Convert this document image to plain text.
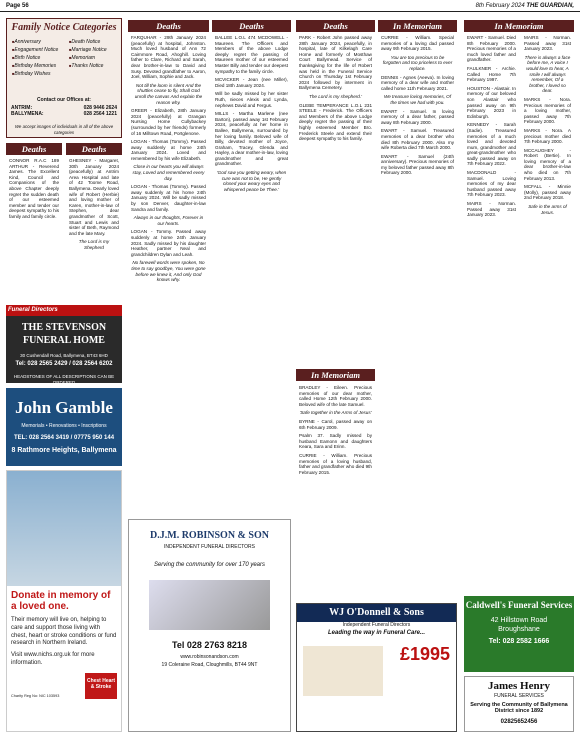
Page 56	8th February 2024 THE GUARDIAN,
Family Notice Categories
■ Anniversary
■ Engagement Notice
■ Birth Notice
■ Birthday Memories
■ Birthday Wishes
■ Death Notice
■ Marriage Notice
■ Memoriam
■ Thanks Notice
Contact our Offices at:
ANTRIM:	028 9446 2624
BALLYMENA:	028 2564 1221
We accept images of individuals in all of the above categories
Deaths	Deaths
Deaths	Deaths	Deaths	In Memoriam	In Memoriam
In Memoriam

CONNOR R.A.C 189 ARTHUR - Reverend James. The Excellent Kind, Council and Companions of the above Chapter deeply regret the sudden death of our esteemed member and tender our deepest sympathy to his family and family circle.

GHESNEY - Margaret, 30th January 2024 (peacefully) at Antrim Area Hospital and late of 42 Toome Road, Ballymena. Dearly loved wife of Robert (Herbie) and loving mother of Karen, mother-in-law of Stephen, dear grandmother of Scott, Stuart and Lewis and sister of Beth, Raymond and the late Mary.

The Lord is my Shepherd

FARQUHAR - 29th January 2024 (peacefully) at hospital, Johnston. Much loved husband of Ann 72 Cairnmore Road, Ahoghill. Loving father to Clare, Richard and Sarah, dear brother-in-law to David and Susy. Devoted grandfather to Aaron, Joel, William, Sophie and Jack.

Not till the loom is silent And the shuttles cease to fly, Shall God unroll the canvas And explain the reason why.

GREER - Elizabeth, 28th January 2024 (peacefully) at Grangan Nursing Home Cullybackey (surrounded by her friends) formerly of 16 Milltown Road, Portglenone.

LOGAN - Thomas (Tommy). Passed away suddenly at home 24th January 2024. Loved and remembered by his wife Elizabeth.

Close in our hearts you will always stay, Loved and remembered every day.

LOGAN - Thomas (Tommy). Passed away suddenly at his home 24th January 2024. Will be sadly missed by son Denver, daughter-in-law Sandra and family.

Always in our thoughts, Forever in our hearts.

LOGAN - Tommy. Passed away suddenly at home 24th January 2024. Sadly missed by his daughter Heather, partner Neal and grandchildren Dylan and Leah.

No farewell words were spoken, No time to say goodbye, You were gone before we knew it, And only God knows why.

BALLEE L.O.L 474 MCDOWELL - Maureen. The Officers and Members of the above Lodge deeply regret the passing of Maureen mother of our esteemed Master Billy and tender our deepest sympathy to the family circle.

MCVICKER - Jean (nee Miller), Died 18th January 2024.

Will be sadly missed by her sister Ruth, nieces Alexis and Lynda, nephews David and Fergus.

MILLS - Martha Marlene (nee Barton), passed away 1st February 2024, peacefully at her home in Ballee, Ballymena, surrounded by her loving family. Beloved wife of Billy, devoted mother of Joyce, Graham, Tracey, Glenda and Hayley, a dear mother-in-law, loving grandmother and great grandmother.

'God saw you getting weary, when cure was not to be, He gently closed your weary eyes and whispered peace be Thee.'

PARK - Robert John passed away 28th January 2024, peacefully, in hospital, late of Kilkelagh Care Home and formerly of Mosthaw Court Ballymead. Service of thanksgiving for the life of Robert was held in the Funeral Service Church on Thursday 1st February 2024 followed by interment in Ballymena Cemetery.

The Lord is my shepherd.'

GLEBE TEMPERANCE L.O.L 231 STEELE - Frederick. The Officers and Members of the above Lodge deeply regret the passing of their highly esteemed Member Bro. Frederick Steele and extend their deepest sympathy to his family.

BRADLEY - Eileen. Precious memories of our dear mother, called Home 12th February 2000. Beloved wife of the late Samuel.

'Safe together in the Arms of Jesus'

BYRNE - Carol, passed away on 6th February 2009.

Psalm 37. Sadly missed by husband Eamonn and daughters Keara, Sara and Erinn.

CURRIE - William. Precious memories of a loving husband, father and grandfather who died 9th February 2015.

CURRIE - William. Special memories of a loving dad passed away 9th February 2015.

You are too precious to be forgotten and too priceless to ever replace.

DENNIS - Agnes (Aeeva). In loving memory of a dear wife and mother called home 11th February 2021.

We treasure loving memories, Of the times we had with you.

EWART - Samuel. In loving memory of a dear father, passed away 8th February 2000.

EWART - Samuel. Treasured memories of a dear brother who died 8th February 2000. Also my wife Roberta died 7th March 2000.

EWART - Samuel (24th anniversary). Precious memories of my beloved father passed away 8th February 2000.

EWART - Samuel. Died 8th February 2000. Precious memories of a much loved father and grandfather.

FAULKNER - Archie. Called Home 7th February 1997.

HOUSTON - Alastair. In memory of our beloved son Alastair who passed away on 9th February 2023 in Edinburgh.

KENNEDY - Sarah (Sadie). Treasured memories of a much loved and devoted mum, grandmother and great-grandmother who sadly passed away on 7th February 2022.

MACDONALD - Samuel. Loving memories of my dear husband passed away 7th February 2023.

MAIRS - Norman. Passed away 31st January 2023.

MAIRS - Norman. Passed away 31st January 2023.

There is always a face before me, A voice I would love to hear, A smile I will always remember, Of a brother, I loved so dear.

MARKS - Nora. Precious memories of a loving mother, passed away 7th February 2000.

MARKS - Nora. A precious mother died 7th February 2000.

MCCAUGHEY - Robert (Bertie). In loving memory of a dear brother-in-law who died on 7th February 2013.

MCFALL - Minnie (Molly), passed away 2nd February 2018.

Safe in the arms of Jesus.

Funeral Directors
THE STEVENSON FUNERAL HOME
30 Cushendall Road, Ballymena, BT43 6HD
Tel: 028 2565 2429 / 028 2564 6202
HEADSTONES OF ALL DESCRIPTIONS CAN BE ORDERED
John Gamble
Memorials • Renovations • Inscriptions
TEL: 028 2564 3419 / 07775 950 144
8 Rathmore Heights, Ballymena
Donate in memory of a loved one.
Their memory will live on, helping to care and support those living with chest, heart or stroke conditions or fund research in Northern Ireland.
Visit www.nichs.org.uk for more information.
Charity Reg No: NIC 103593
Chest Heart & Stroke
D.J.M. ROBINSON & SON
INDEPENDENT FUNERAL DIRECTORS
Serving the community for over 170 years
Tel 028 2763 8218
www.robinsonandson.com
19 Coleraine Road, Cloughmills, BT44 9NT
WJ O'Donnell & Sons
Independent Funeral Directors
Leading the way in Funeral Care...
£1995
Caldwell's Funeral Services
42 Hillstown Road Broughshane
Tel: 028 2582 1666
James Henry
FUNERAL SERVICES
Serving the Community of Ballymena District since 1892
02825652456
